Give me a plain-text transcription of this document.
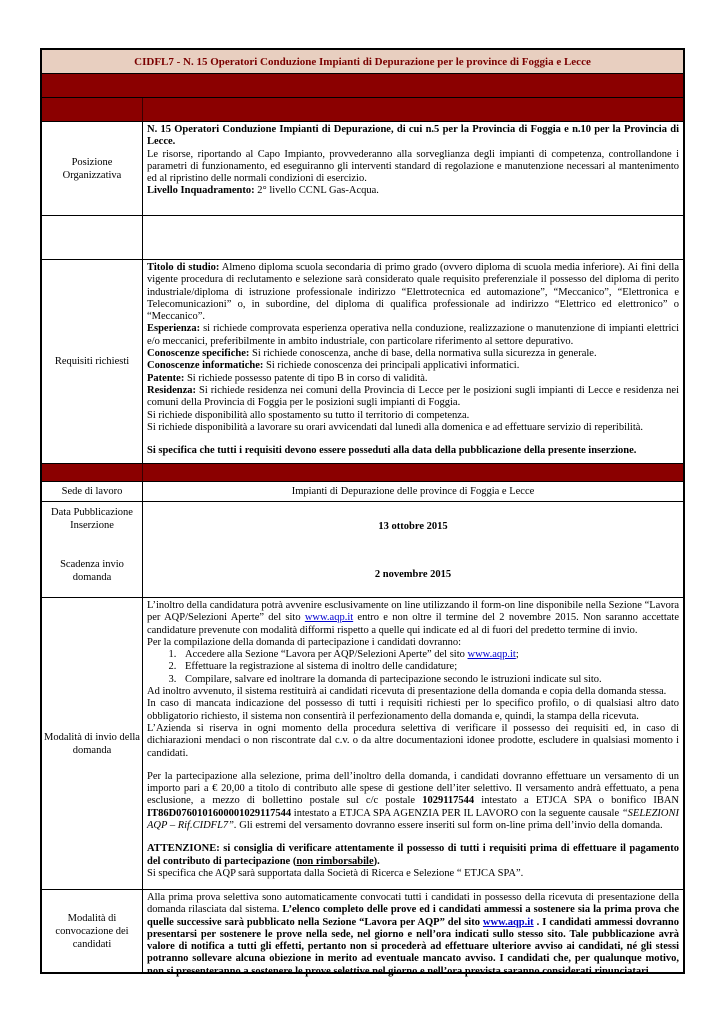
CIDFL7 - N. 15 Operatori Conduzione Impianti di Depurazione per le province di Foggia e Lecce
Posizione Organizzativa

N. 15 Operatori Conduzione Impianti di Depurazione, di cui n.5 per la Provincia di Foggia e n.10 per la Provincia di Lecce.

Le risorse, riportando al Capo Impianto, provvederanno alla sorveglianza degli impianti di competenza, controllandone i parametri di funzionamento, ed eseguiranno gli interventi standard di regolazione e manutenzione necessari al mantenimento ed al ripristino delle normali condizioni di esercizio.

Livello Inquadramento: 2° livello CCNL Gas-Acqua.

Requisiti richiesti

Titolo di studio: Almeno diploma scuola secondaria di primo grado (ovvero diploma di scuola media inferiore). Ai fini della vigente procedura di reclutamento e selezione sarà considerato quale requisito preferenziale il possesso del diploma di perito industriale/diploma di istruzione professionale indirizzo “Elettrotecnica ed automazione”, “Meccanico”, “Elettronica e Telecomunicazioni” o, in subordine, del diploma di qualifica professionale ad indirizzo “Elettrico ed elettronico” o “Meccanico”.

Esperienza: si richiede comprovata esperienza operativa nella conduzione, realizzazione o manutenzione di impianti elettrici e/o meccanici, preferibilmente in ambito industriale, con particolare riferimento al settore depurativo.

Conoscenze specifiche: Si richiede conoscenza, anche di base, della normativa sulla sicurezza in generale.

Conoscenze informatiche: Si richiede conoscenza dei principali applicativi informatici.

Patente: Si richiede possesso patente di tipo B in corso di validità.

Residenza: Si richiede residenza nei comuni della Provincia di Lecce per le posizioni sugli impianti di Lecce e residenza nei comuni della Provincia di Foggia per le posizioni sugli impianti di Foggia.

Si richiede disponibilità allo spostamento su tutto il territorio di competenza.

Si richiede disponibilità a lavorare su orari avvicendati dal lunedì alla domenica e ad effettuare servizio di reperibilità.

Si specifica che tutti i requisiti devono essere posseduti alla data della pubblicazione della presente inserzione.

Sede di lavoro	Impianti di Depurazione delle province di Foggia e Lecce
Data Pubblicazione Inserzione
Scadenza invio domanda
13 ottobre 2015
2 novembre 2015
Modalità di invio della domanda

L’inoltro della candidatura potrà avvenire esclusivamente on line utilizzando il form-on line disponibile nella Sezione “Lavora per AQP/Selezioni Aperte” del sito www.aqp.it entro e non oltre il termine del 2 novembre 2015. Non saranno accettate candidature prevenute con modalità difformi rispetto a quelle qui indicate ed al di fuori del predetto termine di invio.

Per la compilazione della domanda di partecipazione i candidati dovranno:

1. Accedere alla Sezione “Lavora per AQP/Selezioni Aperte” del sito www.aqp.it;
2. Effettuare la registrazione al sistema di inoltro delle candidature;
3. Compilare, salvare ed inoltrare la domanda di partecipazione secondo le istruzioni indicate sul sito.

Ad inoltro avvenuto, il sistema restituirà ai candidati ricevuta di presentazione della domanda e copia della domanda stessa.

In caso di mancata indicazione del possesso di tutti i requisiti richiesti per lo specifico profilo, o di qualsiasi altro dato obbligatorio richiesto, il sistema non consentirà il perfezionamento della domanda e, quindi, la stampa della ricevuta.

L’Azienda si riserva in ogni momento della procedura selettiva di verificare il possesso dei requisiti ed, in caso di dichiarazioni mendaci o non riscontrate dal c.v. o da altre documentazioni idonee prodotte, escludere in qualsiasi momento i candidati.

Per la partecipazione alla selezione, prima dell’inoltro della domanda, i candidati dovranno effettuare un versamento di un importo pari a € 20,00 a titolo di contributo alle spese di gestione dell’iter selettivo. Il versamento andrà effettuato, a pena esclusione, a mezzo di bollettino postale sul c/c postale 1029117544 intestato a ETJCA SPA o bonifico IBAN IT86D0760101600001029117544 intestato a ETJCA SPA AGENZIA PER IL LAVORO con la seguente causale “SELEZIONI AQP – Rif.CIDFL7”. Gli estremi del versamento dovranno essere inseriti sul form on-line prima dell’invio della domanda.

ATTENZIONE: si consiglia di verificare attentamente il possesso di tutti i requisiti prima di effettuare il pagamento del contributo di partecipazione (non rimborsabile).

Si specifica che AQP sarà supportata dalla Società di Ricerca e Selezione “ ETJCA SPA”.

Modalità di convocazione dei candidati

Alla prima prova selettiva sono automaticamente convocati tutti i candidati in possesso della ricevuta di presentazione della domanda rilasciata dal sistema. L’elenco completo delle prove ed i candidati ammessi a sostenere sia la prima prova che quelle successive sarà pubblicato nella Sezione “Lavora per AQP” del sito www.aqp.it . I candidati ammessi dovranno presentarsi per sostenere le prove nella sede, nel giorno e nell’ora indicati sullo stesso sito. Tale pubblicazione avrà valore di notifica a tutti gli effetti, pertanto non si procederà ad effettuare ulteriore avviso ai candidati, né gli stessi potranno sollevare alcuna obiezione in merito ad eventuale mancato avviso. I candidati che, per qualunque motivo, non si presenteranno a sostenere le prove selettive nel giorno e nell’ora prevista saranno considerati rinunciatari.
